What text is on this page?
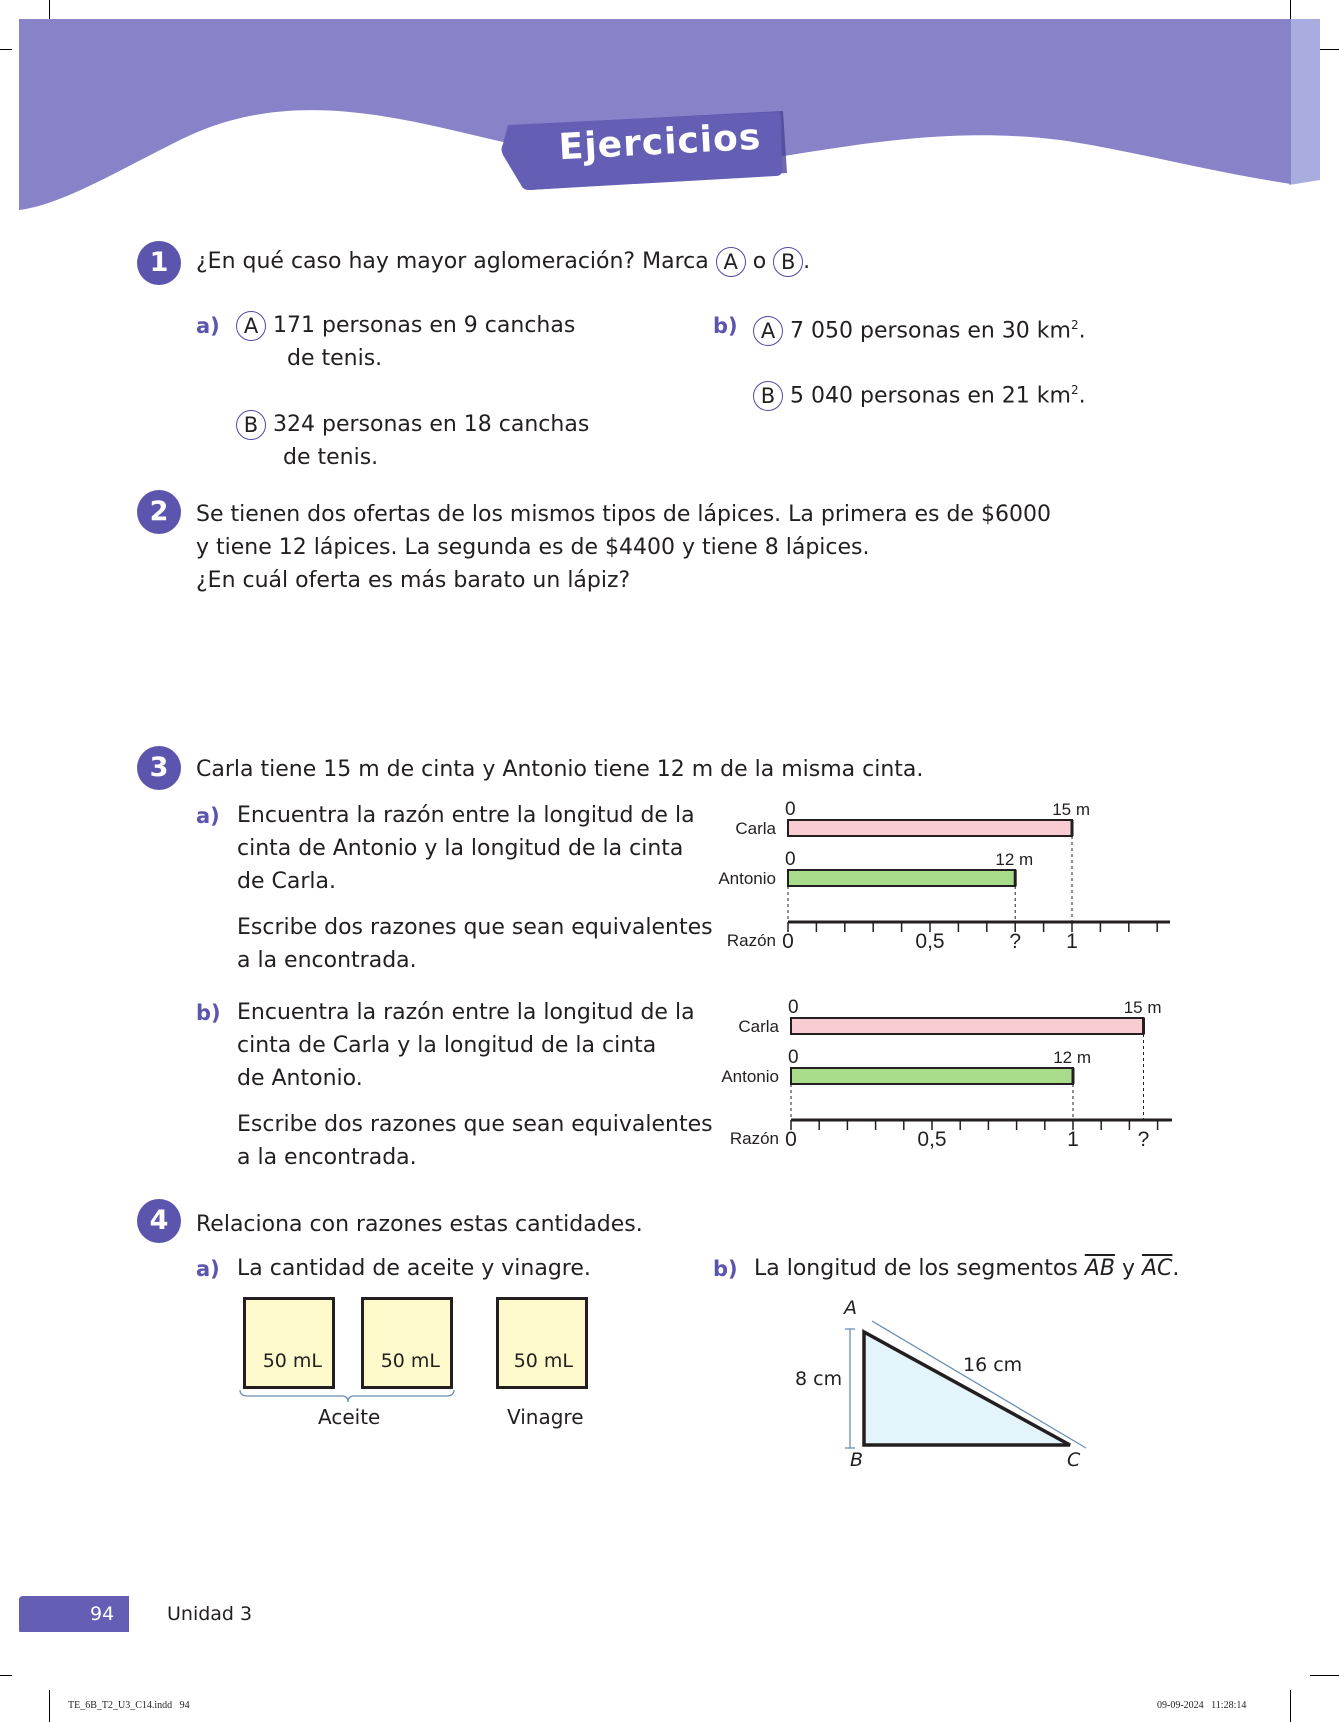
Ejercicios
1	¿En qué caso hay mayor aglomeración? Marca A o B .
a)	A 171 personas en 9 canchas
de tenis.
B 324 personas en 18 canchas
de tenis.
b)	A 7 050 personas en 30 $km^2$.
B 5 040 personas en 21 $km^2$.
2	Se tienen dos ofertas de los mismos tipos de lápices. La primera es de $6000
y tiene 12 lápices. La segunda es de $4400 y tiene 8 lápices.
¿En cuál oferta es más barato un lápiz?
3	Carla tiene 15 m de cinta y Antonio tiene 12 m de la misma cinta.
a) Encuentra la razón entre la longitud de la
cinta de Antonio y la longitud de la cinta
de Carla.
Escribe dos razones que sean equivalentes
a la encontrada.
b) Encuentra la razón entre la longitud de la
cinta de Carla y la longitud de la cinta
de Antonio.
Escribe dos razones que sean equivalentes
a la encontrada.
Carla
0	15 m
Antonio
0	12 m
0	0,5	? 1
Razón
Carla
0	15 m
Antonio
0	12 m
0	0,5	1	?
Razón
4	Relaciona con razones estas cantidades.
a) La cantidad de aceite y vinagre.
50 mL	50 mL	50 mL
Aceite	Vinagre
b) La longitud de los segmentos $\overline{AB}$ y $\overline{AC}$.
A
B	C
8 cm
16 cm
94	Unidad 3
TE_6B_T2_U3_C14.indd   94	09-09-2024   11:28:14
